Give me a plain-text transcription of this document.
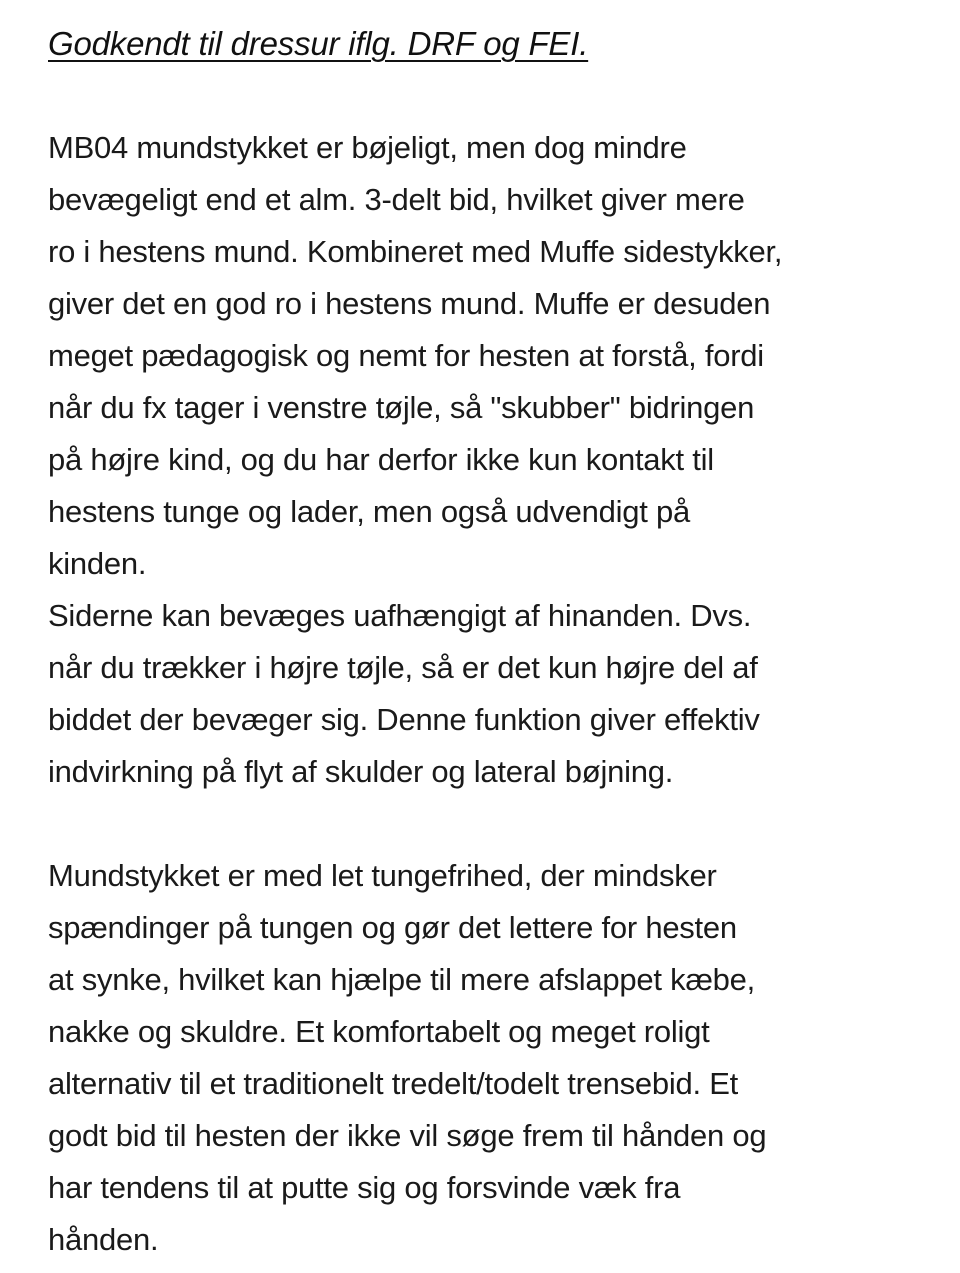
Godkendt til dressur iflg. DRF og FEI.
MB04 mundstykket er bøjeligt, men dog mindre
bevægeligt end et alm. 3-delt bid, hvilket giver mere
ro i hestens mund. Kombineret med Muffe sidestykker,
giver det en god ro i hestens mund. Muffe er desuden
meget pædagogisk og nemt for hesten at forstå, fordi
når du fx tager i venstre tøjle, så "skubber" bidringen
på højre kind, og du har derfor ikke kun kontakt til
hestens tunge og lader, men også udvendigt på
kinden.
Siderne kan bevæges uafhængigt af hinanden. Dvs.
når du trækker i højre tøjle, så er det kun højre del af
biddet der bevæger sig. Denne funktion giver effektiv
indvirkning på flyt af skulder og lateral bøjning.
Mundstykket er med let tungefrihed, der mindsker
spændinger på tungen og gør det lettere for hesten
at synke, hvilket kan hjælpe til mere afslappet kæbe,
nakke og skuldre. Et komfortabelt og meget roligt
alternativ til et traditionelt tredelt/todelt trensebid. Et
godt bid til hesten der ikke vil søge frem til hånden og
har tendens til at putte sig og forsvinde væk fra
hånden.
